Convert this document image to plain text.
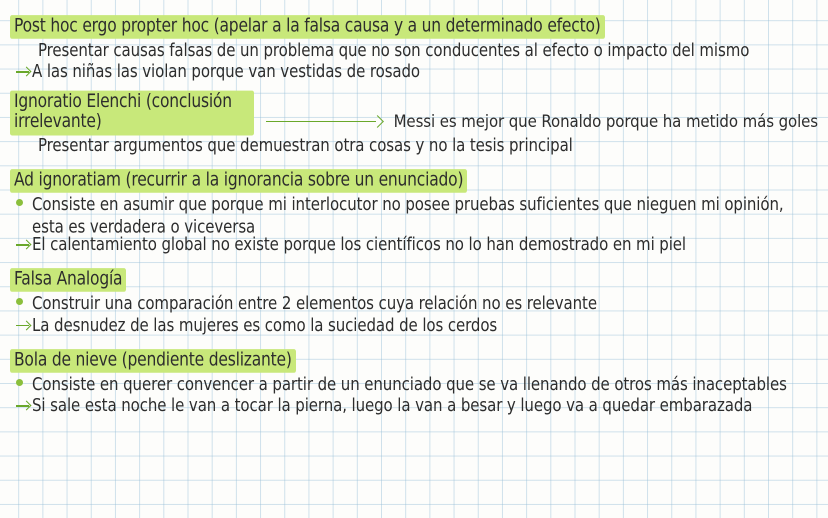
Post hoc ergo propter hoc (apelar a la falsa causa y a un determinado efecto)
Presentar causas falsas de un problema que no son conducentes al efecto o impacto del mismo
A las niñas las violan porque van vestidas de rosado
Ignoratio Elenchi (conclusión irrelevante)	Messi es mejor que Ronaldo porque ha metido más goles
Presentar argumentos que demuestran otra cosas y no la tesis principal
Ad ignoratiam (recurrir a la ignorancia sobre un enunciado)
Consiste en asumir que porque mi interlocutor no posee pruebas suficientes que nieguen mi opinión, esta es verdadera o viceversa
El calentamiento global no existe porque los científicos no lo han demostrado en mi piel
Falsa Analogía
Construir una comparación entre 2 elementos cuya relación no es relevante
La desnudez de las mujeres es como la suciedad de los cerdos
Bola de nieve (pendiente deslizante)
Consiste en querer convencer a partir de un enunciado que se va llenando de otros más inaceptables
Si sale esta noche le van a tocar la pierna, luego la van a besar y luego va a quedar embarazada
